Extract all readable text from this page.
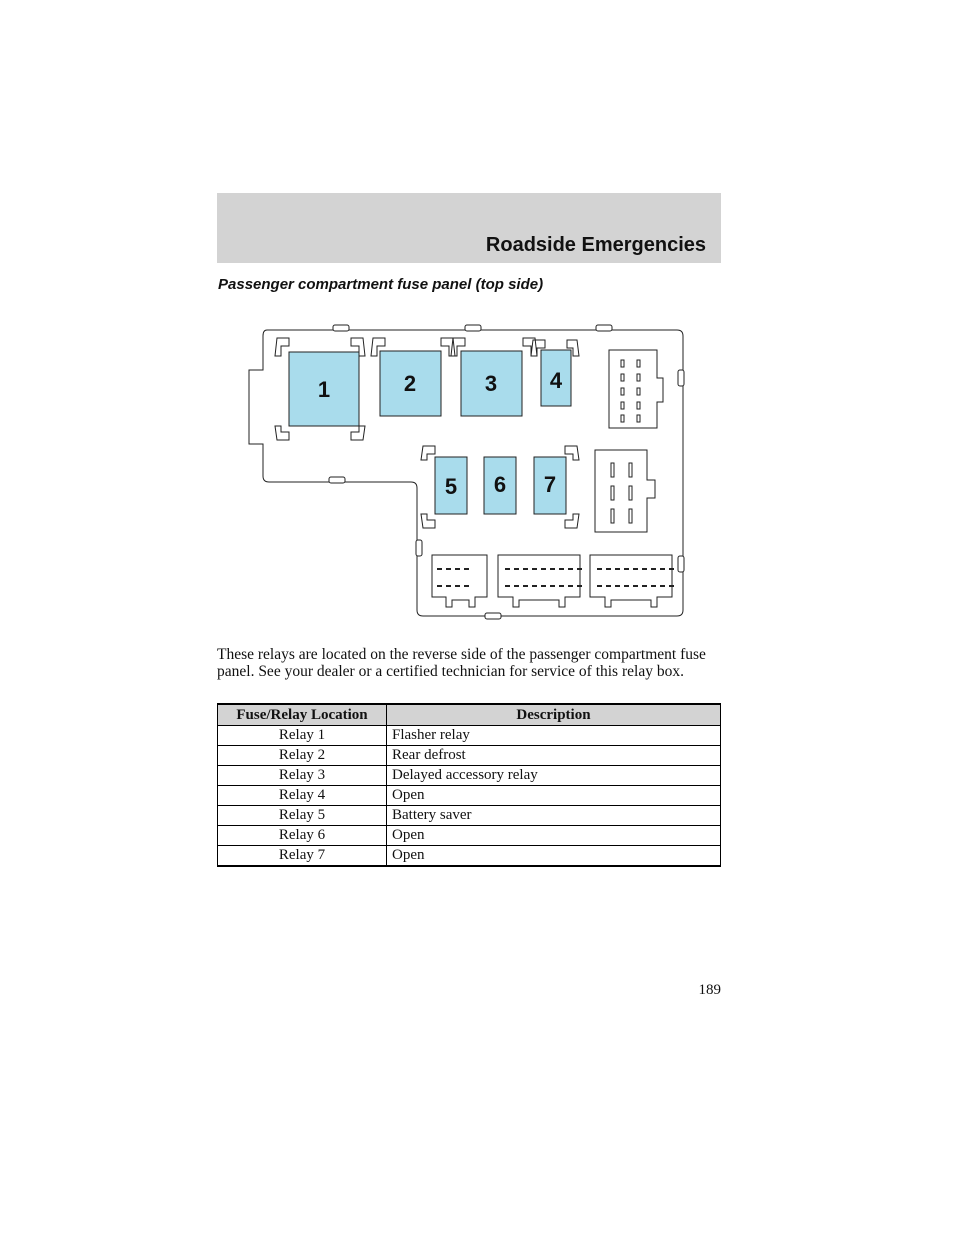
Roadside Emergencies
Passenger compartment fuse panel (top side)
1	2	3 4
5 6 7
These relays are located on the reverse side of the passenger compartment fuse panel. See your dealer or a certified technician for service of this relay box.
Fuse/Relay Location	Description
Relay 1	Flasher relay
Relay 2	Rear defrost
Relay 3	Delayed accessory relay
Relay 4	Open
Relay 5	Battery saver
Relay 6	Open
Relay 7	Open
189
